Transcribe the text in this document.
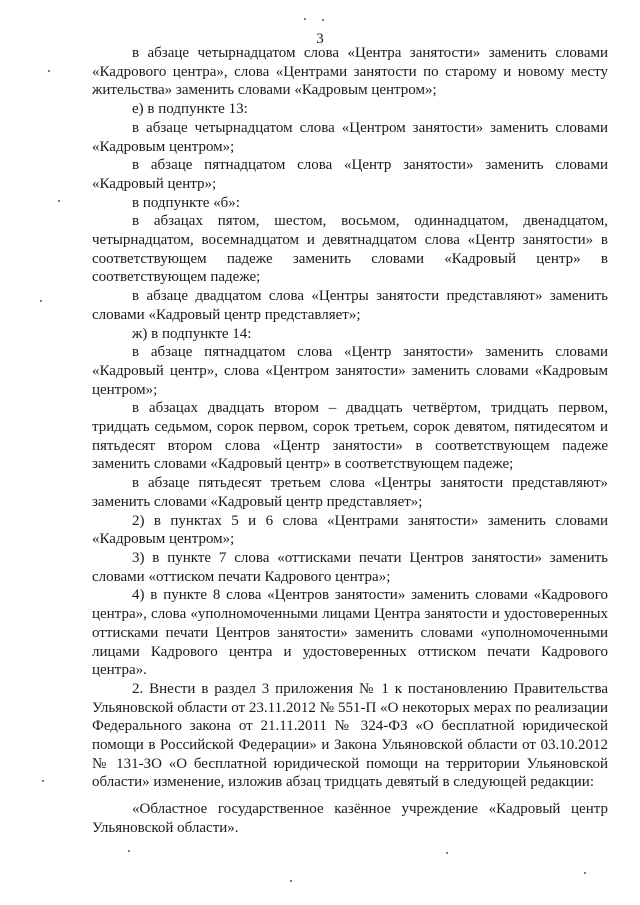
3

в абзаце четырнадцатом слова «Центра занятости» заменить словами «Кадрового центра», слова «Центрами занятости по старому и новому месту жительства» заменить словами «Кадровым центром»;

е) в подпункте 13:

в абзаце четырнадцатом слова «Центром занятости» заменить словами «Кадровым центром»;

в абзаце пятнадцатом слова «Центр занятости» заменить словами «Кадровый центр»;

в подпункте «б»:

в абзацах пятом, шестом, восьмом, одиннадцатом, двенадцатом, четырнадцатом, восемнадцатом и девятнадцатом слова «Центр занятости» в соответствующем падеже заменить словами «Кадровый центр» в соответствующем падеже;

в абзаце двадцатом слова «Центры занятости представляют» заменить словами «Кадровый центр представляет»;

ж) в подпункте 14:

в абзаце пятнадцатом слова «Центр занятости» заменить словами «Кадровый центр», слова «Центром занятости» заменить словами «Кадровым центром»;

в абзацах двадцать втором – двадцать четвёртом, тридцать первом, тридцать седьмом, сорок первом, сорок третьем, сорок девятом, пятидесятом и пятьдесят втором слова «Центр занятости» в соответствующем падеже заменить словами «Кадровый центр» в соответствующем падеже;

в абзаце пятьдесят третьем слова «Центры занятости представляют» заменить словами «Кадровый центр представляет»;

2) в пунктах 5 и 6 слова «Центрами занятости» заменить словами «Кадровым центром»;

3) в пункте 7 слова «оттисками печати Центров занятости» заменить словами «оттиском печати Кадрового центра»;

4) в пункте 8 слова «Центров занятости» заменить словами «Кадрового центра», слова «уполномоченными лицами Центра занятости и удостоверенных оттисками печати Центров занятости» заменить словами «уполномоченными лицами Кадрового центра и удостоверенных оттиском печати Кадрового центра».

2. Внести в раздел 3 приложения № 1 к постановлению Правительства Ульяновской области от 23.11.2012 № 551-П «О некоторых мерах по реализации Федерального закона от 21.11.2011 № 324-ФЗ «О бесплатной юридической помощи в Российской Федерации» и Закона Ульяновской области от 03.10.2012 № 131-ЗО «О бесплатной юридической помощи на территории Ульяновской области» изменение, изложив абзац тридцать девятый в следующей редакции:

«Областное государственное казённое учреждение «Кадровый центр Ульяновской области».
